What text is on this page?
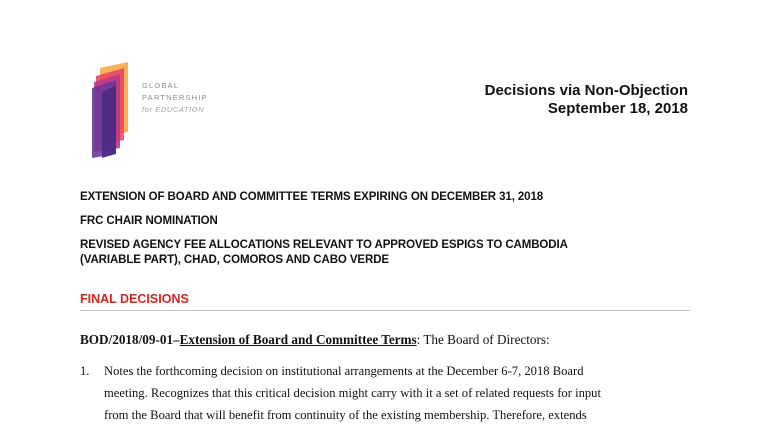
GLOBAL
PARTNERSHIP
for EDUCATION
Decisions via Non-Objection
September 18, 2018
EXTENSION OF BOARD AND COMMITTEE TERMS EXPIRING ON DECEMBER 31, 2018
FRC CHAIR NOMINATION
REVISED AGENCY FEE ALLOCATIONS RELEVANT TO APPROVED ESPIGS TO CAMBODIA
(VARIABLE PART), CHAD, COMOROS AND CABO VERDE
FINAL DECISIONS
BOD/2018/09-01–Extension of Board and Committee Terms: The Board of Directors:
1. Notes the forthcoming decision on institutional arrangements at the December 6-7, 2018 Board
meeting. Recognizes that this critical decision might carry with it a set of related requests for input
from the Board that will benefit from continuity of the existing membership. Therefore, extends
